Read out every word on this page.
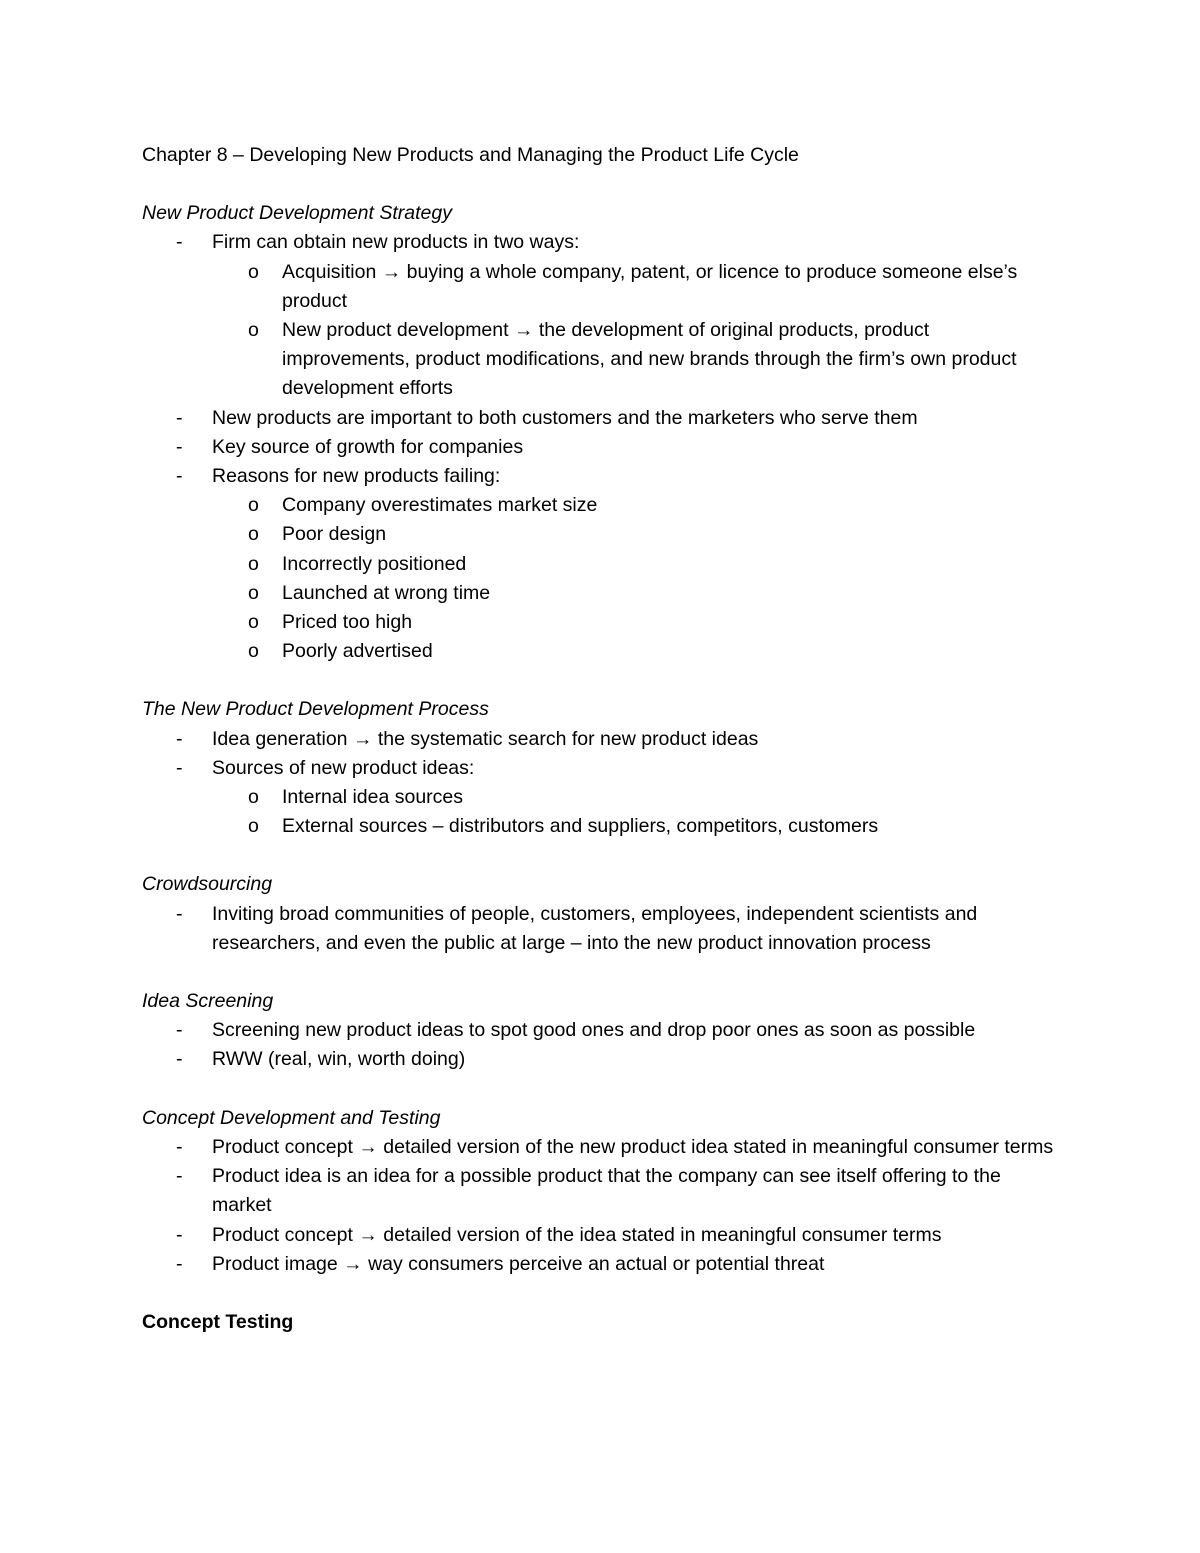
Chapter 8 – Developing New Products and Managing the Product Life Cycle
New Product Development Strategy
- Firm can obtain new products in two ways:
o Acquisition → buying a whole company, patent, or licence to produce someone else’s product
o New product development → the development of original products, product improvements, product modifications, and new brands through the firm’s own product development efforts
- New products are important to both customers and the marketers who serve them
- Key source of growth for companies
- Reasons for new products failing:
o Company overestimates market size
o Poor design
o Incorrectly positioned
o Launched at wrong time
o Priced too high
o Poorly advertised
The New Product Development Process
- Idea generation → the systematic search for new product ideas
- Sources of new product ideas:
o Internal idea sources
o External sources – distributors and suppliers, competitors, customers
Crowdsourcing
- Inviting broad communities of people, customers, employees, independent scientists and researchers, and even the public at large – into the new product innovation process
Idea Screening
- Screening new product ideas to spot good ones and drop poor ones as soon as possible
- RWW (real, win, worth doing)
Concept Development and Testing
- Product concept → detailed version of the new product idea stated in meaningful consumer terms
- Product idea is an idea for a possible product that the company can see itself offering to the market
- Product concept → detailed version of the idea stated in meaningful consumer terms
- Product image → way consumers perceive an actual or potential threat
Concept Testing
